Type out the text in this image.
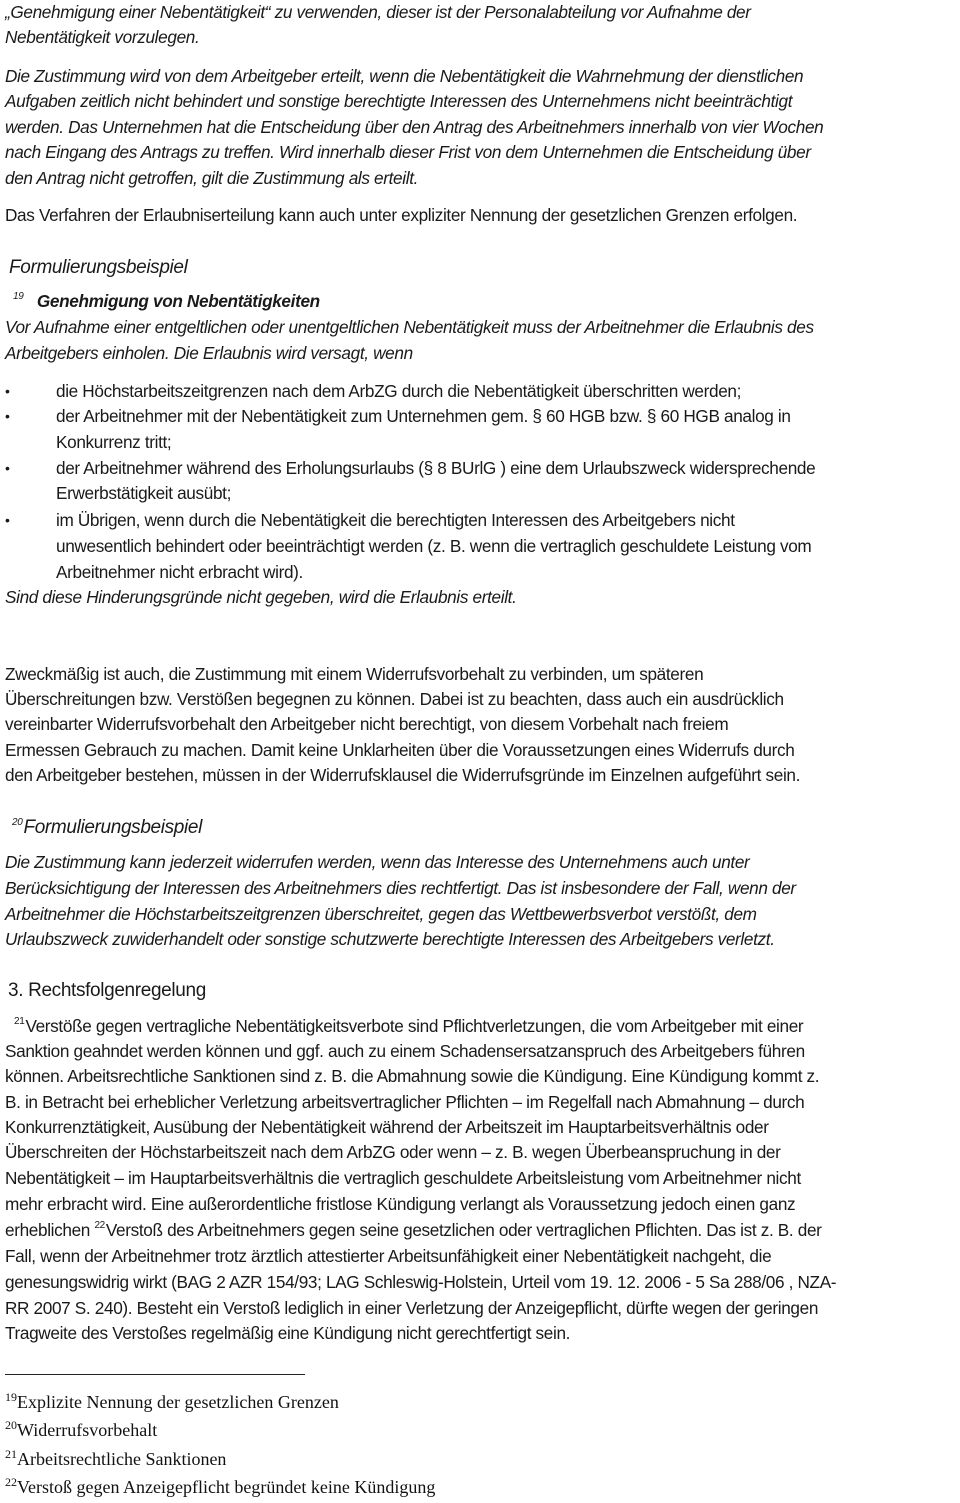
„Genehmigung einer Nebentätigkeit“ zu verwenden, dieser ist der Personalabteilung vor Aufnahme der
Nebentätigkeit vorzulegen.
Die Zustimmung wird von dem Arbeitgeber erteilt, wenn die Nebentätigkeit die Wahrnehmung der dienstlichen
Aufgaben zeitlich nicht behindert und sonstige berechtigte Interessen des Unternehmens nicht beeinträchtigt
werden. Das Unternehmen hat die Entscheidung über den Antrag des Arbeitnehmers innerhalb von vier Wochen
nach Eingang des Antrags zu treffen. Wird innerhalb dieser Frist von dem Unternehmen die Entscheidung über
den Antrag nicht getroffen, gilt die Zustimmung als erteilt.
Das Verfahren der Erlaubniserteilung kann auch unter expliziter Nennung der gesetzlichen Grenzen erfolgen.
Formulierungsbeispiel
$^{19}$ Genehmigung von Nebentätigkeiten
Vor Aufnahme einer entgeltlichen oder unentgeltlichen Nebentätigkeit muss der Arbeitnehmer die Erlaubnis des
Arbeitgebers einholen. Die Erlaubnis wird versagt, wenn
•	die Höchstarbeitszeitgrenzen nach dem ArbZG durch die Nebentätigkeit überschritten werden;
•	der Arbeitnehmer mit der Nebentätigkeit zum Unternehmen gem. § 60 HGB bzw. § 60 HGB analog in
Konkurrenz tritt;
•	der Arbeitnehmer während des Erholungsurlaubs (§ 8 BUrlG ) eine dem Urlaubszweck widersprechende
Erwerbstätigkeit ausübt;
•	im Übrigen, wenn durch die Nebentätigkeit die berechtigten Interessen des Arbeitgebers nicht
unwesentlich behindert oder beeinträchtigt werden (z. B. wenn die vertraglich geschuldete Leistung vom
Arbeitnehmer nicht erbracht wird).
Sind diese Hinderungsgründe nicht gegeben, wird die Erlaubnis erteilt.
Zweckmäßig ist auch, die Zustimmung mit einem Widerrufsvorbehalt zu verbinden, um späteren
Überschreitungen bzw. Verstößen begegnen zu können. Dabei ist zu beachten, dass auch ein ausdrücklich
vereinbarter Widerrufsvorbehalt den Arbeitgeber nicht berechtigt, von diesem Vorbehalt nach freiem
Ermessen Gebrauch zu machen. Damit keine Unklarheiten über die Voraussetzungen eines Widerrufs durch
den Arbeitgeber bestehen, müssen in der Widerrufsklausel die Widerrufsgründe im Einzelnen aufgeführt sein.
$^{20}$Formulierungsbeispiel
Die Zustimmung kann jederzeit widerrufen werden, wenn das Interesse des Unternehmens auch unter
Berücksichtigung der Interessen des Arbeitnehmers dies rechtfertigt. Das ist insbesondere der Fall, wenn der
Arbeitnehmer die Höchstarbeitszeitgrenzen überschreitet, gegen das Wettbewerbsverbot verstößt, dem
Urlaubszweck zuwiderhandelt oder sonstige schutzwerte berechtigte Interessen des Arbeitgebers verletzt.
3. Rechtsfolgenregelung
$^{21}$Verstöße gegen vertragliche Nebentätigkeitsverbote sind Pflichtverletzungen, die vom Arbeitgeber mit einer
Sanktion geahndet werden können und ggf. auch zu einem Schadensersatzanspruch des Arbeitgebers führen
können. Arbeitsrechtliche Sanktionen sind z. B. die Abmahnung sowie die Kündigung. Eine Kündigung kommt z.
B. in Betracht bei erheblicher Verletzung arbeitsvertraglicher Pflichten – im Regelfall nach Abmahnung – durch
Konkurrenztätigkeit, Ausübung der Nebentätigkeit während der Arbeitszeit im Hauptarbeitsverhältnis oder
Überschreiten der Höchstarbeitszeit nach dem ArbZG oder wenn – z. B. wegen Überbeanspruchung in der
Nebentätigkeit – im Hauptarbeitsverhältnis die vertraglich geschuldete Arbeitsleistung vom Arbeitnehmer nicht
mehr erbracht wird. Eine außerordentliche fristlose Kündigung verlangt als Voraussetzung jedoch einen ganz
erheblichen $^{22}$Verstoß des Arbeitnehmers gegen seine gesetzlichen oder vertraglichen Pflichten. Das ist z. B. der
Fall, wenn der Arbeitnehmer trotz ärztlich attestierter Arbeitsunfähigkeit einer Nebentätigkeit nachgeht, die
genesungswidrig wirkt (BAG 2 AZR 154/93; LAG Schleswig-Holstein, Urteil vom 19. 12. 2006 - 5 Sa 288/06 , NZA-
RR 2007 S. 240). Besteht ein Verstoß lediglich in einer Verletzung der Anzeigepflicht, dürfte wegen der geringen
Tragweite des Verstoßes regelmäßig eine Kündigung nicht gerechtfertigt sein.
$^{19}$Explizite Nennung der gesetzlichen Grenzen
$^{20}$Widerrufsvorbehalt
$^{21}$Arbeitsrechtliche Sanktionen
$^{22}$Verstoß gegen Anzeigepflicht begründet keine Kündigung
